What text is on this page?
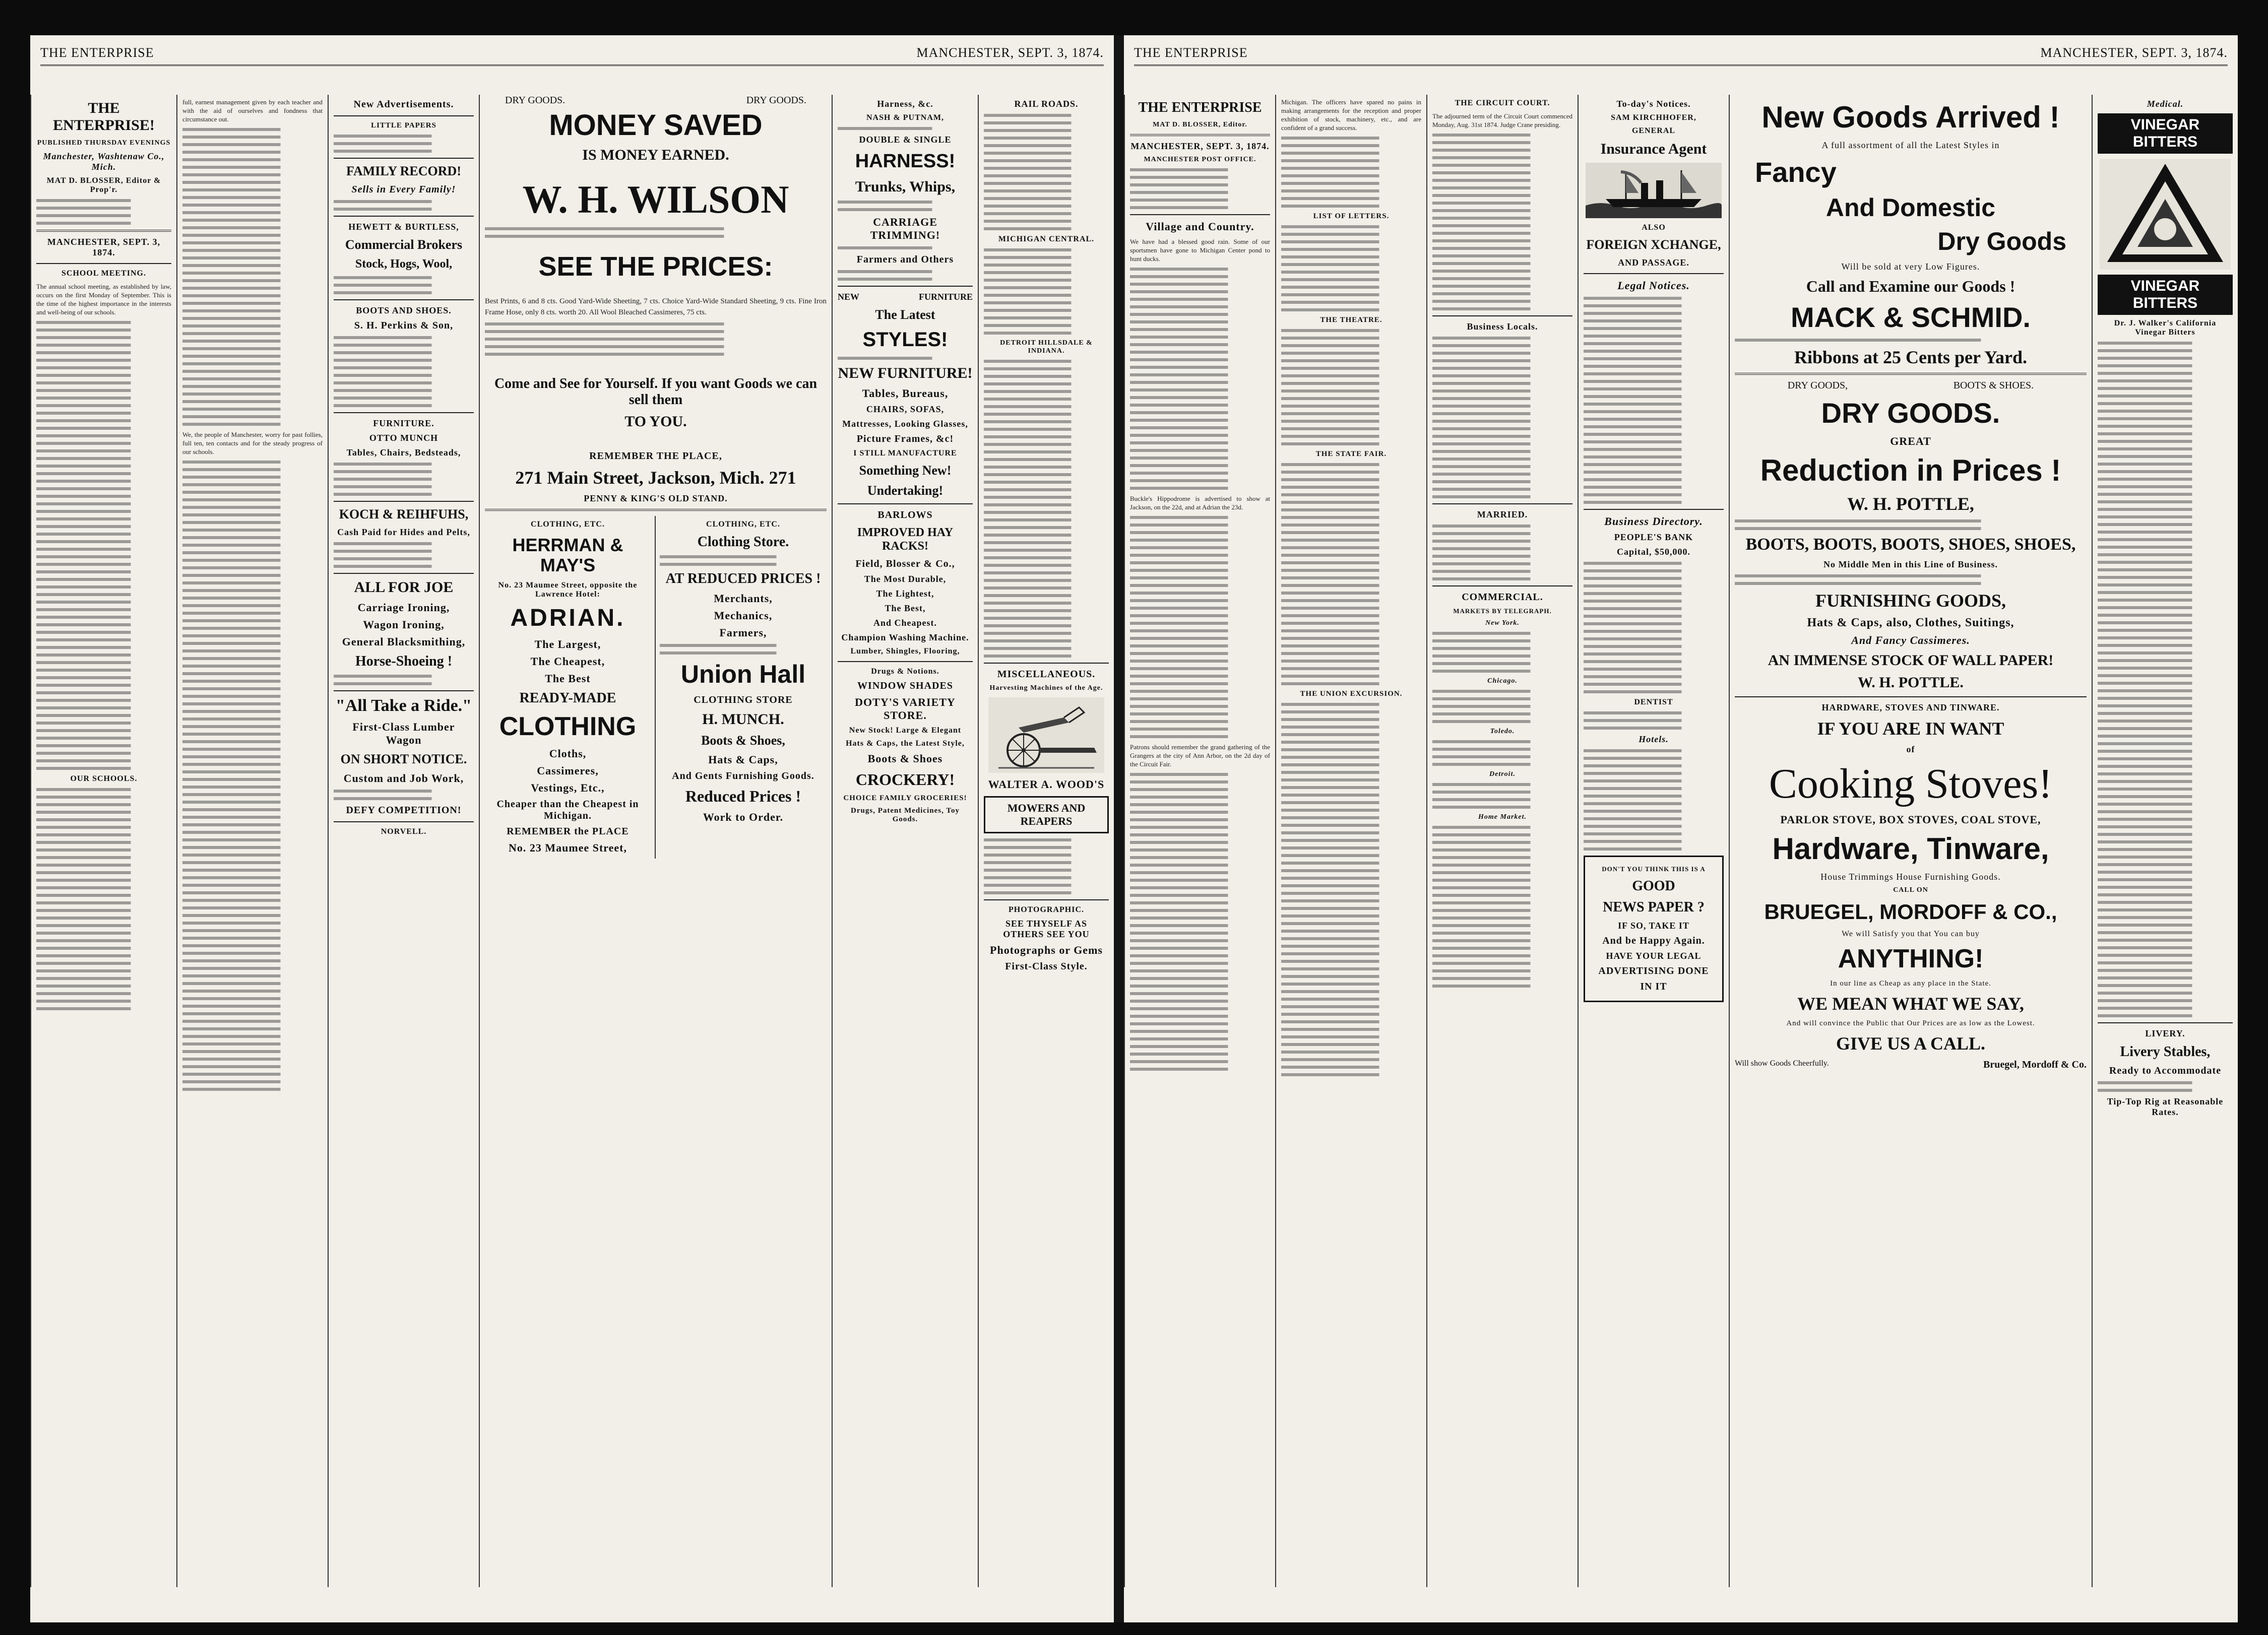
THE ENTERPRISE	MANCHESTER, SEPT. 3, 1874.
THE ENTERPRISE!
PUBLISHED THURSDAY EVENINGS
Manchester, Washtenaw Co., Mich.
MAT D. BLOSSER, Editor & Prop'r.
MANCHESTER, SEPT. 3, 1874.
SCHOOL MEETING.

The annual school meeting, as established by law, occurs on the first Monday of September. This is the time of the highest importance in the interests and well-being of our schools.

OUR SCHOOLS.

full, earnest management given by each teacher and with the aid of ourselves and fondness that circumstance out.

We, the people of Manchester, worry for past follies, full ten, ten contacts and for the steady progress of our schools.

New Advertisements.
LITTLE PAPERS
FAMILY RECORD!
Sells in Every Family!
HEWETT & BURTLESS,
Commercial Brokers
Stock, Hogs, Wool,
BOOTS AND SHOES.
S. H. Perkins & Son,
FURNITURE.
OTTO MUNCH
Tables, Chairs, Bedsteads,
KOCH & REIHFUHS,
Cash Paid for Hides and Pelts,
ALL FOR JOE
Carriage Ironing,
Wagon Ironing,
General Blacksmithing,
Horse-Shoeing !
"All Take a Ride."
First-Class Lumber Wagon
ON SHORT NOTICE.
Custom and Job Work,
DEFY COMPETITION!
NORVELL.
DRY GOODS.	DRY GOODS.
MONEY SAVED
IS MONEY EARNED.
W. H. WILSON
SEE THE PRICES:

Best Prints, 6 and 8 cts. Good Yard-Wide Sheeting, 7 cts. Choice Yard-Wide Standard Sheeting, 9 cts. Fine Iron Frame Hose, only 8 cts. worth 20. All Wool Bleached Cassimeres, 75 cts.

Come and See for Yourself. If you want Goods we can sell them
TO YOU.
REMEMBER THE PLACE,
271 Main Street, Jackson, Mich. 271
PENNY & KING'S OLD STAND.
CLOTHING, ETC.
HERRMAN & MAY'S
No. 23 Maumee Street, opposite the Lawrence Hotel:
ADRIAN.
The Largest,
The Cheapest,
The Best
READY-MADE
CLOTHING
Cloths,
Cassimeres,
Vestings, Etc.,
Cheaper than the Cheapest in Michigan.
REMEMBER the PLACE
No. 23 Maumee Street,
CLOTHING, ETC.
Clothing Store.
AT REDUCED PRICES !
Merchants,
Mechanics,
Farmers,
Union Hall
CLOTHING STORE
H. MUNCH.
Boots & Shoes,
Hats & Caps,
And Gents Furnishing Goods.
Reduced Prices !
Work to Order.
Harness, &c.
NASH & PUTNAM,
DOUBLE & SINGLE
HARNESS!
Trunks, Whips,
CARRIAGE TRIMMING!
Farmers and Others
NEW	FURNITURE
The Latest
STYLES!
NEW FURNITURE!
Tables, Bureaus,
CHAIRS, SOFAS,
Mattresses, Looking Glasses,
Picture Frames, &c!
I STILL MANUFACTURE
Something New!
Undertaking!
BARLOWS
IMPROVED HAY RACKS!
Field, Blosser & Co.,
The Most Durable,
The Lightest,
The Best,
And Cheapest.
Champion Washing Machine.
Lumber, Shingles, Flooring,
Drugs & Notions.
WINDOW SHADES
DOTY'S VARIETY STORE.
New Stock! Large & Elegant
Hats & Caps, the Latest Style,
Boots & Shoes
CROCKERY!
CHOICE FAMILY GROCERIES!
Drugs, Patent Medicines, Toy Goods.
RAIL ROADS.
MICHIGAN CENTRAL.
DETROIT HILLSDALE & INDIANA.
MISCELLANEOUS.
Harvesting Machines of the Age.
WALTER A. WOOD'S
MOWERS AND REAPERS
PHOTOGRAPHIC.
SEE THYSELF AS OTHERS SEE YOU
Photographs or Gems
First-Class Style.
THE ENTERPRISE	MANCHESTER, SEPT. 3, 1874.
THE ENTERPRISE
MAT D. BLOSSER, Editor.
MANCHESTER, SEPT. 3, 1874.
MANCHESTER POST OFFICE.
Village and Country.

We have had a blessed good rain. Some of our sportsmen have gone to Michigan Center pond to hunt ducks.

Buckle's Hippodrome is advertised to show at Jackson, on the 22d, and at Adrian the 23d.

Patrons should remember the grand gathering of the Grangers at the city of Ann Arbor, on the 2d day of the Circuit Fair.

Michigan. The officers have spared no pains in making arrangements for the reception and proper exhibition of stock, machinery, etc., and are confident of a grand success.

LIST OF LETTERS.
THE THEATRE.
THE STATE FAIR.
THE UNION EXCURSION.
THE CIRCUIT COURT.

The adjourned term of the Circuit Court commenced Monday, Aug. 31st 1874. Judge Crane presiding.

Business Locals.
MARRIED.
COMMERCIAL.
MARKETS BY TELEGRAPH.
New York.
Chicago.
Toledo.
Detroit.
Home Market.
To-day's Notices.
SAM KIRCHHOFER,
GENERAL
Insurance Agent
ALSO
FOREIGN XCHANGE,
AND PASSAGE.
Legal Notices.
Business Directory.
PEOPLE'S BANK
Capital, $50,000.
DENTIST
Hotels.
DON'T YOU THINK THIS IS A
GOOD
NEWS PAPER ?
IF SO, TAKE IT
And be Happy Again.
HAVE YOUR LEGAL
ADVERTISING DONE
IN IT
New Goods Arrived !
A full assortment of all the Latest Styles in
Fancy
And Domestic
Dry Goods
Will be sold at very Low Figures.
Call and Examine our Goods !
MACK & SCHMID.
Ribbons at 25 Cents per Yard.
DRY GOODS,	BOOTS & SHOES.
DRY GOODS.
GREAT
Reduction in Prices !
W. H. POTTLE,
BOOTS, BOOTS, BOOTS, SHOES, SHOES,
No Middle Men in this Line of Business.
FURNISHING GOODS,
Hats & Caps, also, Clothes, Suitings,
And Fancy Cassimeres.
AN IMMENSE STOCK OF WALL PAPER!
W. H. POTTLE.
HARDWARE, STOVES AND TINWARE.
IF YOU ARE IN WANT
of
Cooking Stoves!
PARLOR STOVE, BOX STOVES, COAL STOVE,
Hardware, Tinware,
House Trimmings House Furnishing Goods.
CALL ON
BRUEGEL, MORDOFF & CO.,
We will Satisfy you that You can buy
ANYTHING!
In our line as Cheap as any place in the State.
WE MEAN WHAT WE SAY,
And will convince the Public that Our Prices are as low as the Lowest.
GIVE US A CALL.
Will show Goods Cheerfully.	Bruegel, Mordoff & Co.
Medical.
VINEGAR BITTERS
VINEGAR BITTERS
Dr. J. Walker's California Vinegar Bitters
LIVERY.
Livery Stables,
Ready to Accommodate
Tip-Top Rig at Reasonable Rates.
